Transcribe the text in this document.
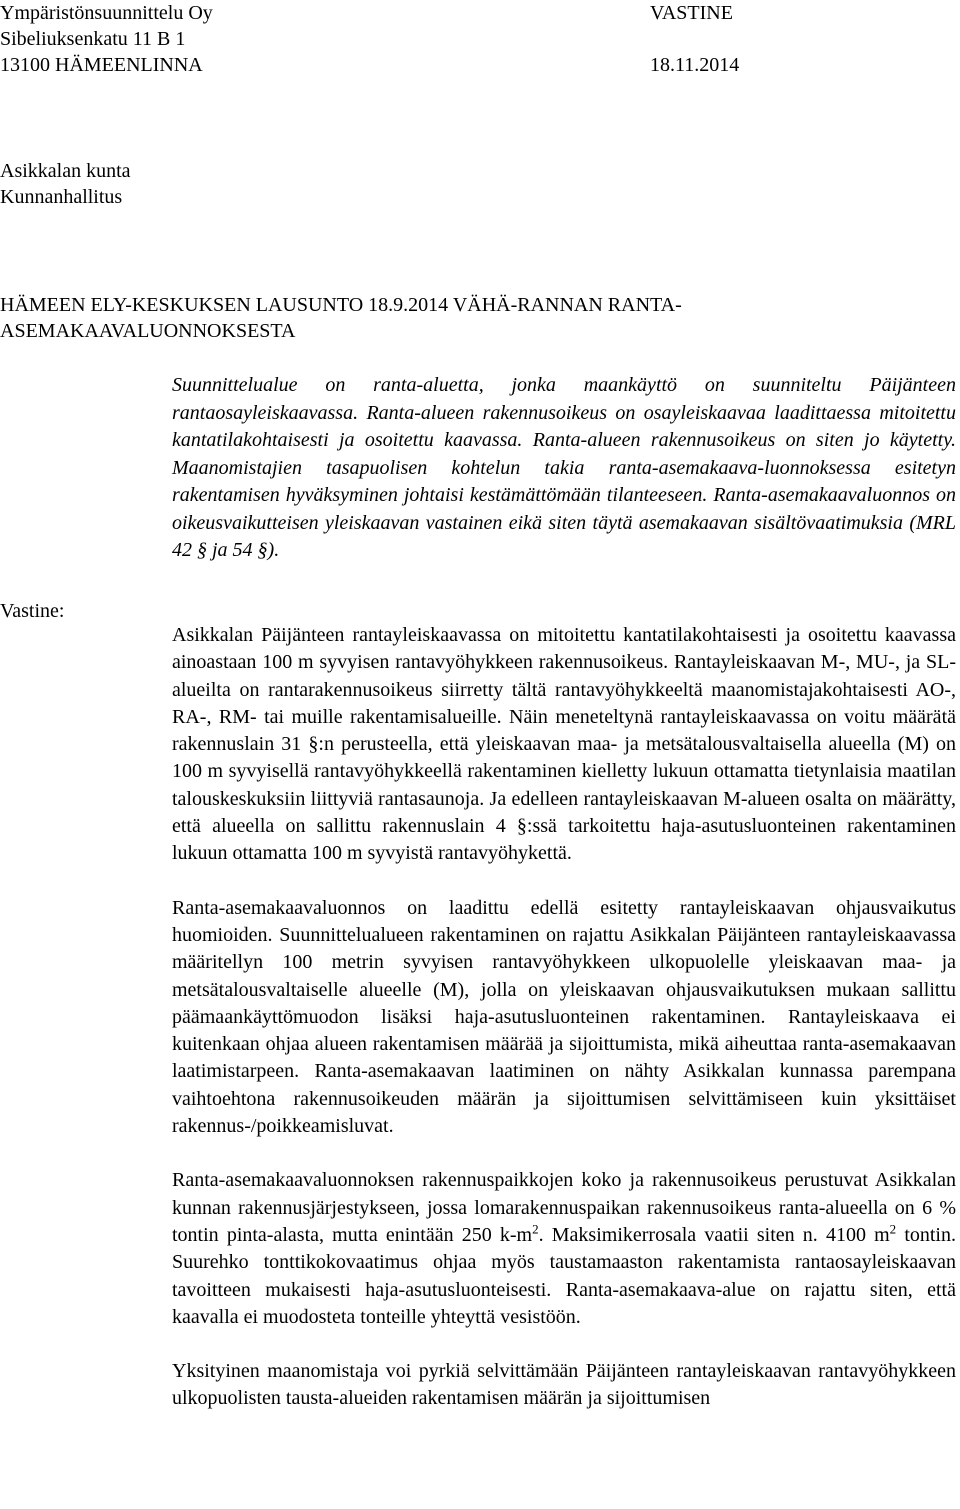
Ympäristönsuunnittelu Oy
Sibeliuksenkatu 11 B 1
13100 HÄMEENLINNA
VASTINE
18.11.2014
Asikkalan kunta
Kunnanhallitus
HÄMEEN ELY-KESKUKSEN LAUSUNTO 18.9.2014 VÄHÄ-RANNAN RANTA-
ASEMAKAAVALUONNOKSESTA

Suunnittelualue on ranta-aluetta, jonka maankäyttö on suunniteltu Päijänteen rantaosayleiskaavassa. Ranta-alueen rakennusoikeus on osayleiskaavaa laadittaessa mitoitettu kantatilakohtaisesti ja osoitettu kaavassa. Ranta-alueen rakennusoikeus on siten jo käytetty. Maanomistajien tasapuolisen kohtelun takia ranta-asemakaava-luonnoksessa esitetyn rakentamisen hyväksyminen johtaisi kestämättömään tilanteeseen. Ranta-asemakaavaluonnos on oikeusvaikutteisen yleiskaavan vastainen eikä siten täytä asemakaavan sisältövaatimuksia (MRL 42 § ja 54 §).

Vastine:

Asikkalan Päijänteen rantayleiskaavassa on mitoitettu kantatilakohtaisesti ja osoitettu kaavassa ainoastaan 100 m syvyisen rantavyöhykkeen rakennusoikeus. Rantayleiskaavan M-, MU-, ja SL-alueilta on rantarakennusoikeus siirretty tältä rantavyöhykkeeltä maanomistajakohtaisesti AO-, RA-, RM- tai muille rakentamisalueille. Näin meneteltynä rantayleiskaavassa on voitu määrätä rakennuslain 31 §:n perusteella, että yleiskaavan maa- ja metsätalousvaltaisella alueella (M) on 100 m syvyisellä rantavyöhykkeellä rakentaminen kielletty lukuun ottamatta tietynlaisia maatilan talouskeskuksiin liittyviä rantasaunoja. Ja edelleen rantayleiskaavan M-alueen osalta on määrätty, että alueella on sallittu rakennuslain 4 §:ssä tarkoitettu haja-asutusluonteinen rakentaminen lukuun ottamatta 100 m syvyistä rantavyöhykettä.

Ranta-asemakaavaluonnos on laadittu edellä esitetty rantayleiskaavan ohjausvaikutus huomioiden. Suunnittelualueen rakentaminen on rajattu Asikkalan Päijänteen rantayleiskaavassa määritellyn 100 metrin syvyisen rantavyöhykkeen ulkopuolelle yleiskaavan maa- ja metsätalousvaltaiselle alueelle (M), jolla on yleiskaavan ohjausvaikutuksen mukaan sallittu päämaankäyttömuodon lisäksi haja-asutusluonteinen rakentaminen. Rantayleiskaava ei kuitenkaan ohjaa alueen rakentamisen määrää ja sijoittumista, mikä aiheuttaa ranta-asemakaavan laatimistarpeen. Ranta-asemakaavan laatiminen on nähty Asikkalan kunnassa parempana vaihtoehtona rakennusoikeuden määrän ja sijoittumisen selvittämiseen kuin yksittäiset rakennus-/poikkeamisluvat.

Ranta-asemakaavaluonnoksen rakennuspaikkojen koko ja rakennusoikeus perustuvat Asikkalan kunnan rakennusjärjestykseen, jossa lomarakennuspaikan rakennusoikeus ranta-alueella on 6 % tontin pinta-alasta, mutta enintään 250 $k-m^2$. Maksimikerrosala vaatii siten n. 4100 $m^2$ tontin. Suurehko tonttikokovaatimus ohjaa myös taustamaaston rakentamista rantaosayleiskaavan tavoitteen mukaisesti haja-asutusluonteisesti. Ranta-asemakaava-alue on rajattu siten, että kaavalla ei muodosteta tonteille yhteyttä vesistöön.

Yksityinen maanomistaja voi pyrkiä selvittämään Päijänteen rantayleiskaavan rantavyöhykkeen ulkopuolisten tausta-alueiden rakentamisen määrän ja sijoittumisen
